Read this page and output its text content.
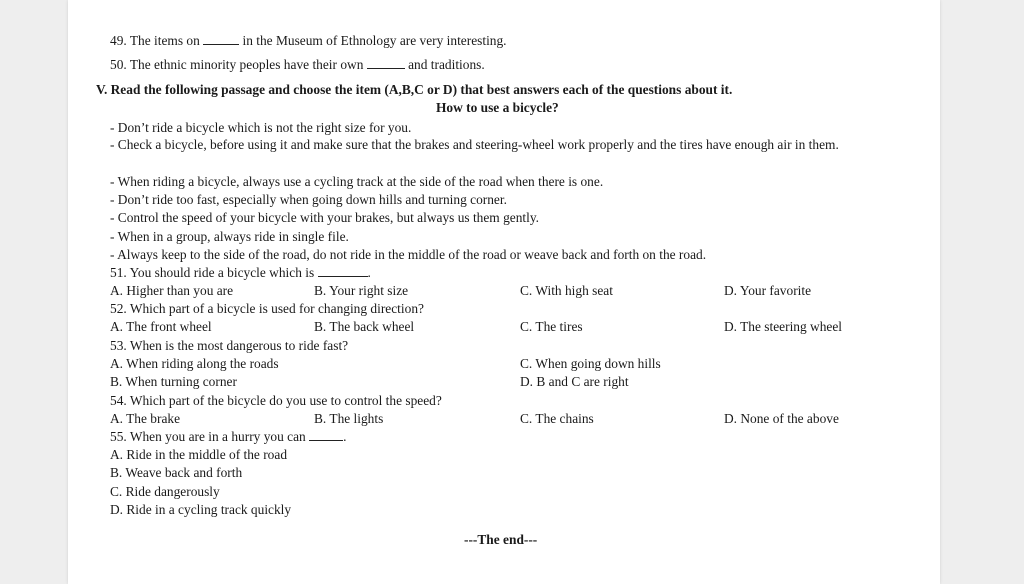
49. The items on	in the Museum of Ethnology are very interesting.
50. The ethnic minority peoples have their own	and traditions.
V. Read the following passage and choose the item (A,B,C or D) that best answers each of the questions about it.
How to use a bicycle?
- Don’t ride a bicycle which is not the right size for you.
- Check a bicycle, before using it and make sure that the brakes and steering-wheel work properly and the tires have enough air in them.
- When riding a bicycle, always use a cycling track at the side of the road when there is one.
- Don’t ride too fast, especially when going down hills and turning corner.
- Control the speed of your bicycle with your brakes, but always us them gently.
- When in a group, always ride in single file.
- Always keep to the side of the road, do not ride in the middle of the road or weave back and forth on the road.
51. You should ride a bicycle which is	.
A. Higher than you are	B. Your right size	C. With high seat	D. Your favorite
52. Which part of a bicycle is used for changing direction?
A. The front wheel	B. The back wheel	C. The tires	D. The steering wheel
53. When is the most dangerous to ride fast?
A. When riding along the roads	C. When going down hills
B. When turning corner	D. B and C are right
54. Which part of the bicycle do you use to control the speed?
A. The brake	B. The lights	C. The chains	D. None of the above
55. When you are in a hurry you can	.
A. Ride in the middle of the road
B. Weave back and forth
C. Ride dangerously
D. Ride in a cycling track quickly
---The end---
